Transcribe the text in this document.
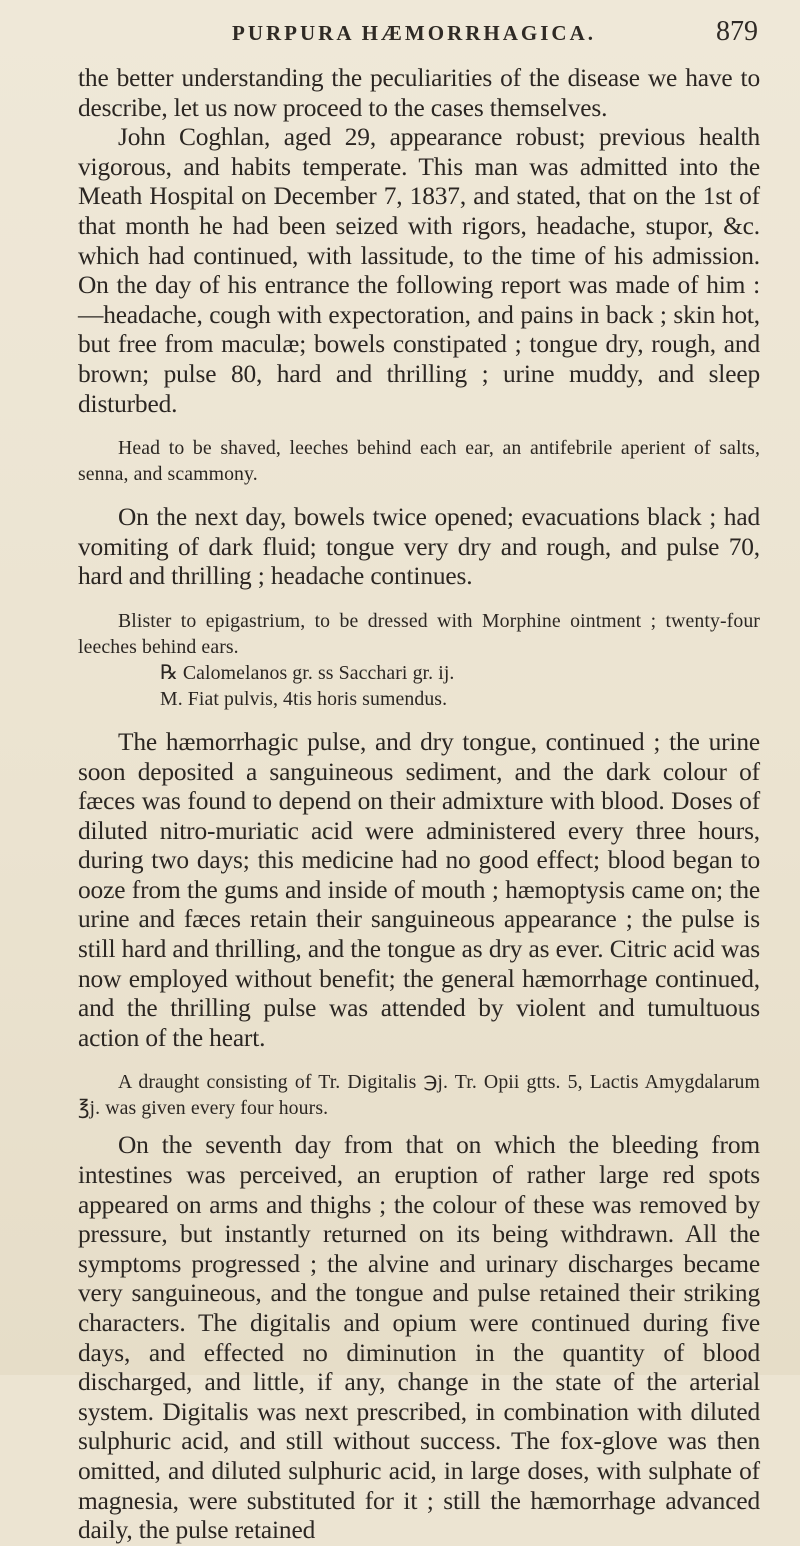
PURPURA HÆMORRHAGICA.	879

the better understanding the peculiarities of the disease we have to describe, let us now proceed to the cases themselves.

John Coghlan, aged 29, appearance robust; previous health vigorous, and habits temperate. This man was admitted into the Meath Hospital on December 7, 1837, and stated, that on the 1st of that month he had been seized with rigors, headache, stupor, &c. which had continued, with lassitude, to the time of his admission. On the day of his entrance the following report was made of him :—headache, cough with expectoration, and pains in back ; skin hot, but free from maculæ; bowels constipated ; tongue dry, rough, and brown; pulse 80, hard and thrilling ; urine muddy, and sleep disturbed.

Head to be shaved, leeches behind each ear, an antifebrile aperient of salts, senna, and scammony.

On the next day, bowels twice opened; evacuations black ; had vomiting of dark fluid; tongue very dry and rough, and pulse 70, hard and thrilling ; headache continues.

Blister to epigastrium, to be dressed with Morphine ointment ; twenty-four leeches behind ears.

℞ Calomelanos gr. ss Sacchari gr. ij.

M. Fiat pulvis, 4tis horis sumendus.

The hæmorrhagic pulse, and dry tongue, continued ; the urine soon deposited a sanguineous sediment, and the dark colour of fæces was found to depend on their admixture with blood. Doses of diluted nitro-muriatic acid were administered every three hours, during two days; this medicine had no good effect; blood began to ooze from the gums and inside of mouth ; hæmoptysis came on; the urine and fæces retain their sanguineous appearance ; the pulse is still hard and thrilling, and the tongue as dry as ever. Citric acid was now employed without benefit; the general hæmorrhage continued, and the thrilling pulse was attended by violent and tumultuous action of the heart.

A draught consisting of Tr. Digitalis ℈j. Tr. Opii gtts. 5, Lactis Amygdalarum ℥j. was given every four hours.

On the seventh day from that on which the bleeding from intestines was perceived, an eruption of rather large red spots appeared on arms and thighs ; the colour of these was removed by pressure, but instantly returned on its being withdrawn. All the symptoms progressed ; the alvine and urinary discharges became very sanguineous, and the tongue and pulse retained their striking characters. The digitalis and opium were continued during five days, and effected no diminution in the quantity of blood discharged, and little, if any, change in the state of the arterial system. Digitalis was next prescribed, in combination with diluted sulphuric acid, and still without success. The fox-glove was then omitted, and diluted sulphuric acid, in large doses, with sulphate of magnesia, were substituted for it ; still the hæmorrhage advanced daily, the pulse retained
